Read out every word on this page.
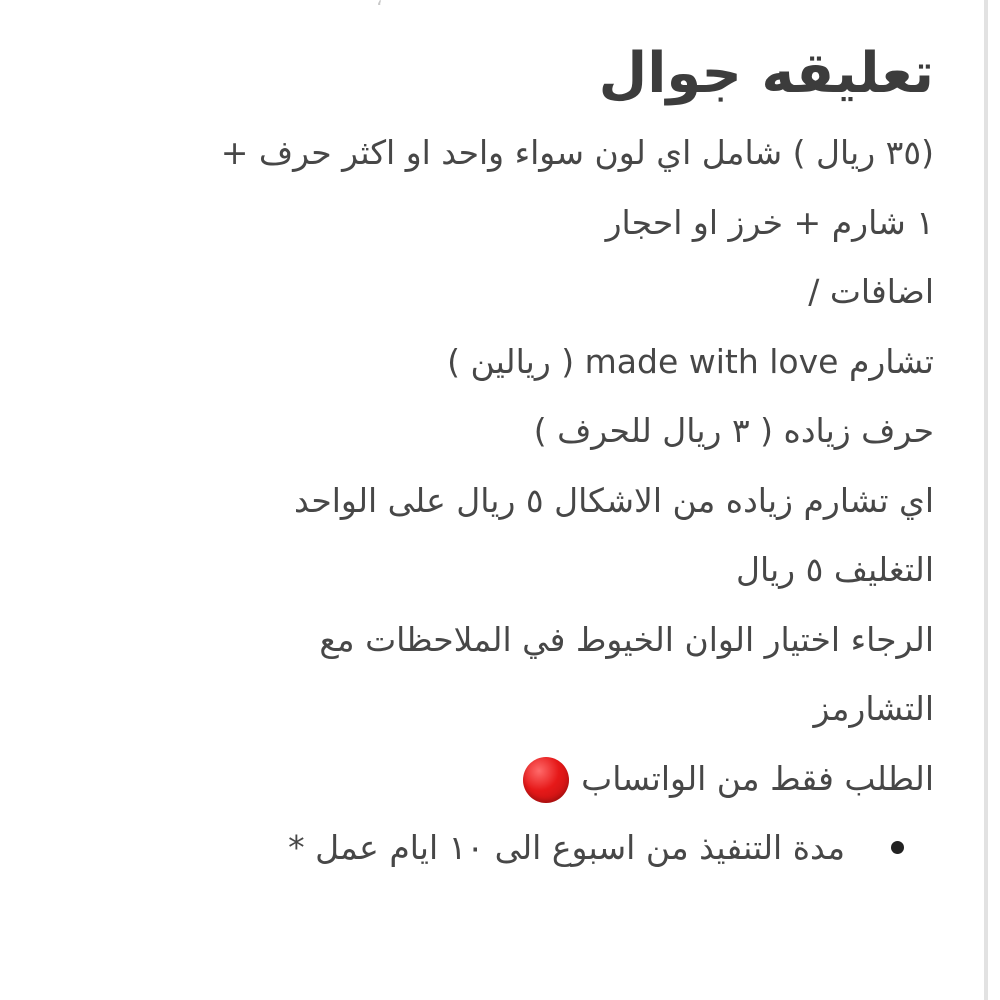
تعليقه جوال
(٣٥ ريال ) شامل اي لون سواء واحد او اكثر حرف +
١ شارم + خرز او احجار
اضافات /
تشارم made with love ( ريالين )
حرف زياده ( ٣ ريال للحرف )
اي تشارم زياده من الاشكال ٥ ريال على الواحد
التغليف ٥ ريال
الرجاء اختيار الوان الخيوط في الملاحظات مع
التشارمز
الطلب فقط من الواتساب
مدة التنفيذ من اسبوع الى ١٠ ايام عمل *
